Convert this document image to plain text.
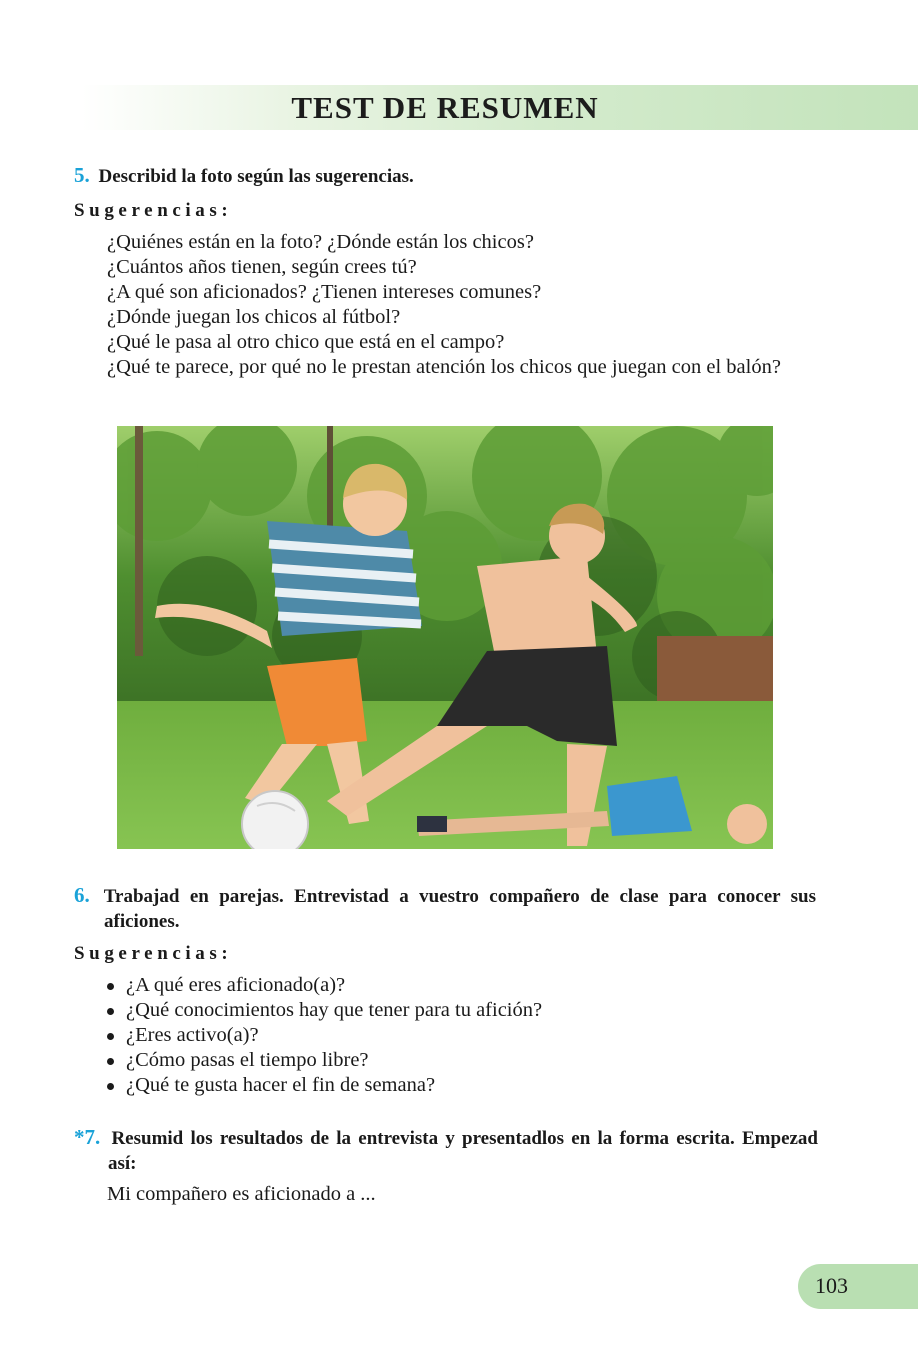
TEST DE RESUMEN
5. Describid la foto según las sugerencias.
Sugerencias:
¿Quiénes están en la foto? ¿Dónde están los chicos?
¿Cuántos años tienen, según crees tú?
¿A qué son aficionados? ¿Tienen intereses comunes?
¿Dónde juegan los chicos al fútbol?
¿Qué le pasa al otro chico que está en el campo?
¿Qué te parece, por qué no le prestan atención los chicos que juegan con el balón?
6. Trabajad en parejas. Entrevistad a vuestro compañero de clase para conocer sus aficiones.
Sugerencias:
¿A qué eres aficionado(a)?
¿Qué conocimientos hay que tener para tu afición?
¿Eres activo(a)?
¿Cómo pasas el tiempo libre?
¿Qué te gusta hacer el fin de semana?
*7. Resumid los resultados de la entrevista y presentadlos en la forma escrita. Empezad así:
Mi compañero es aficionado a ...
103
